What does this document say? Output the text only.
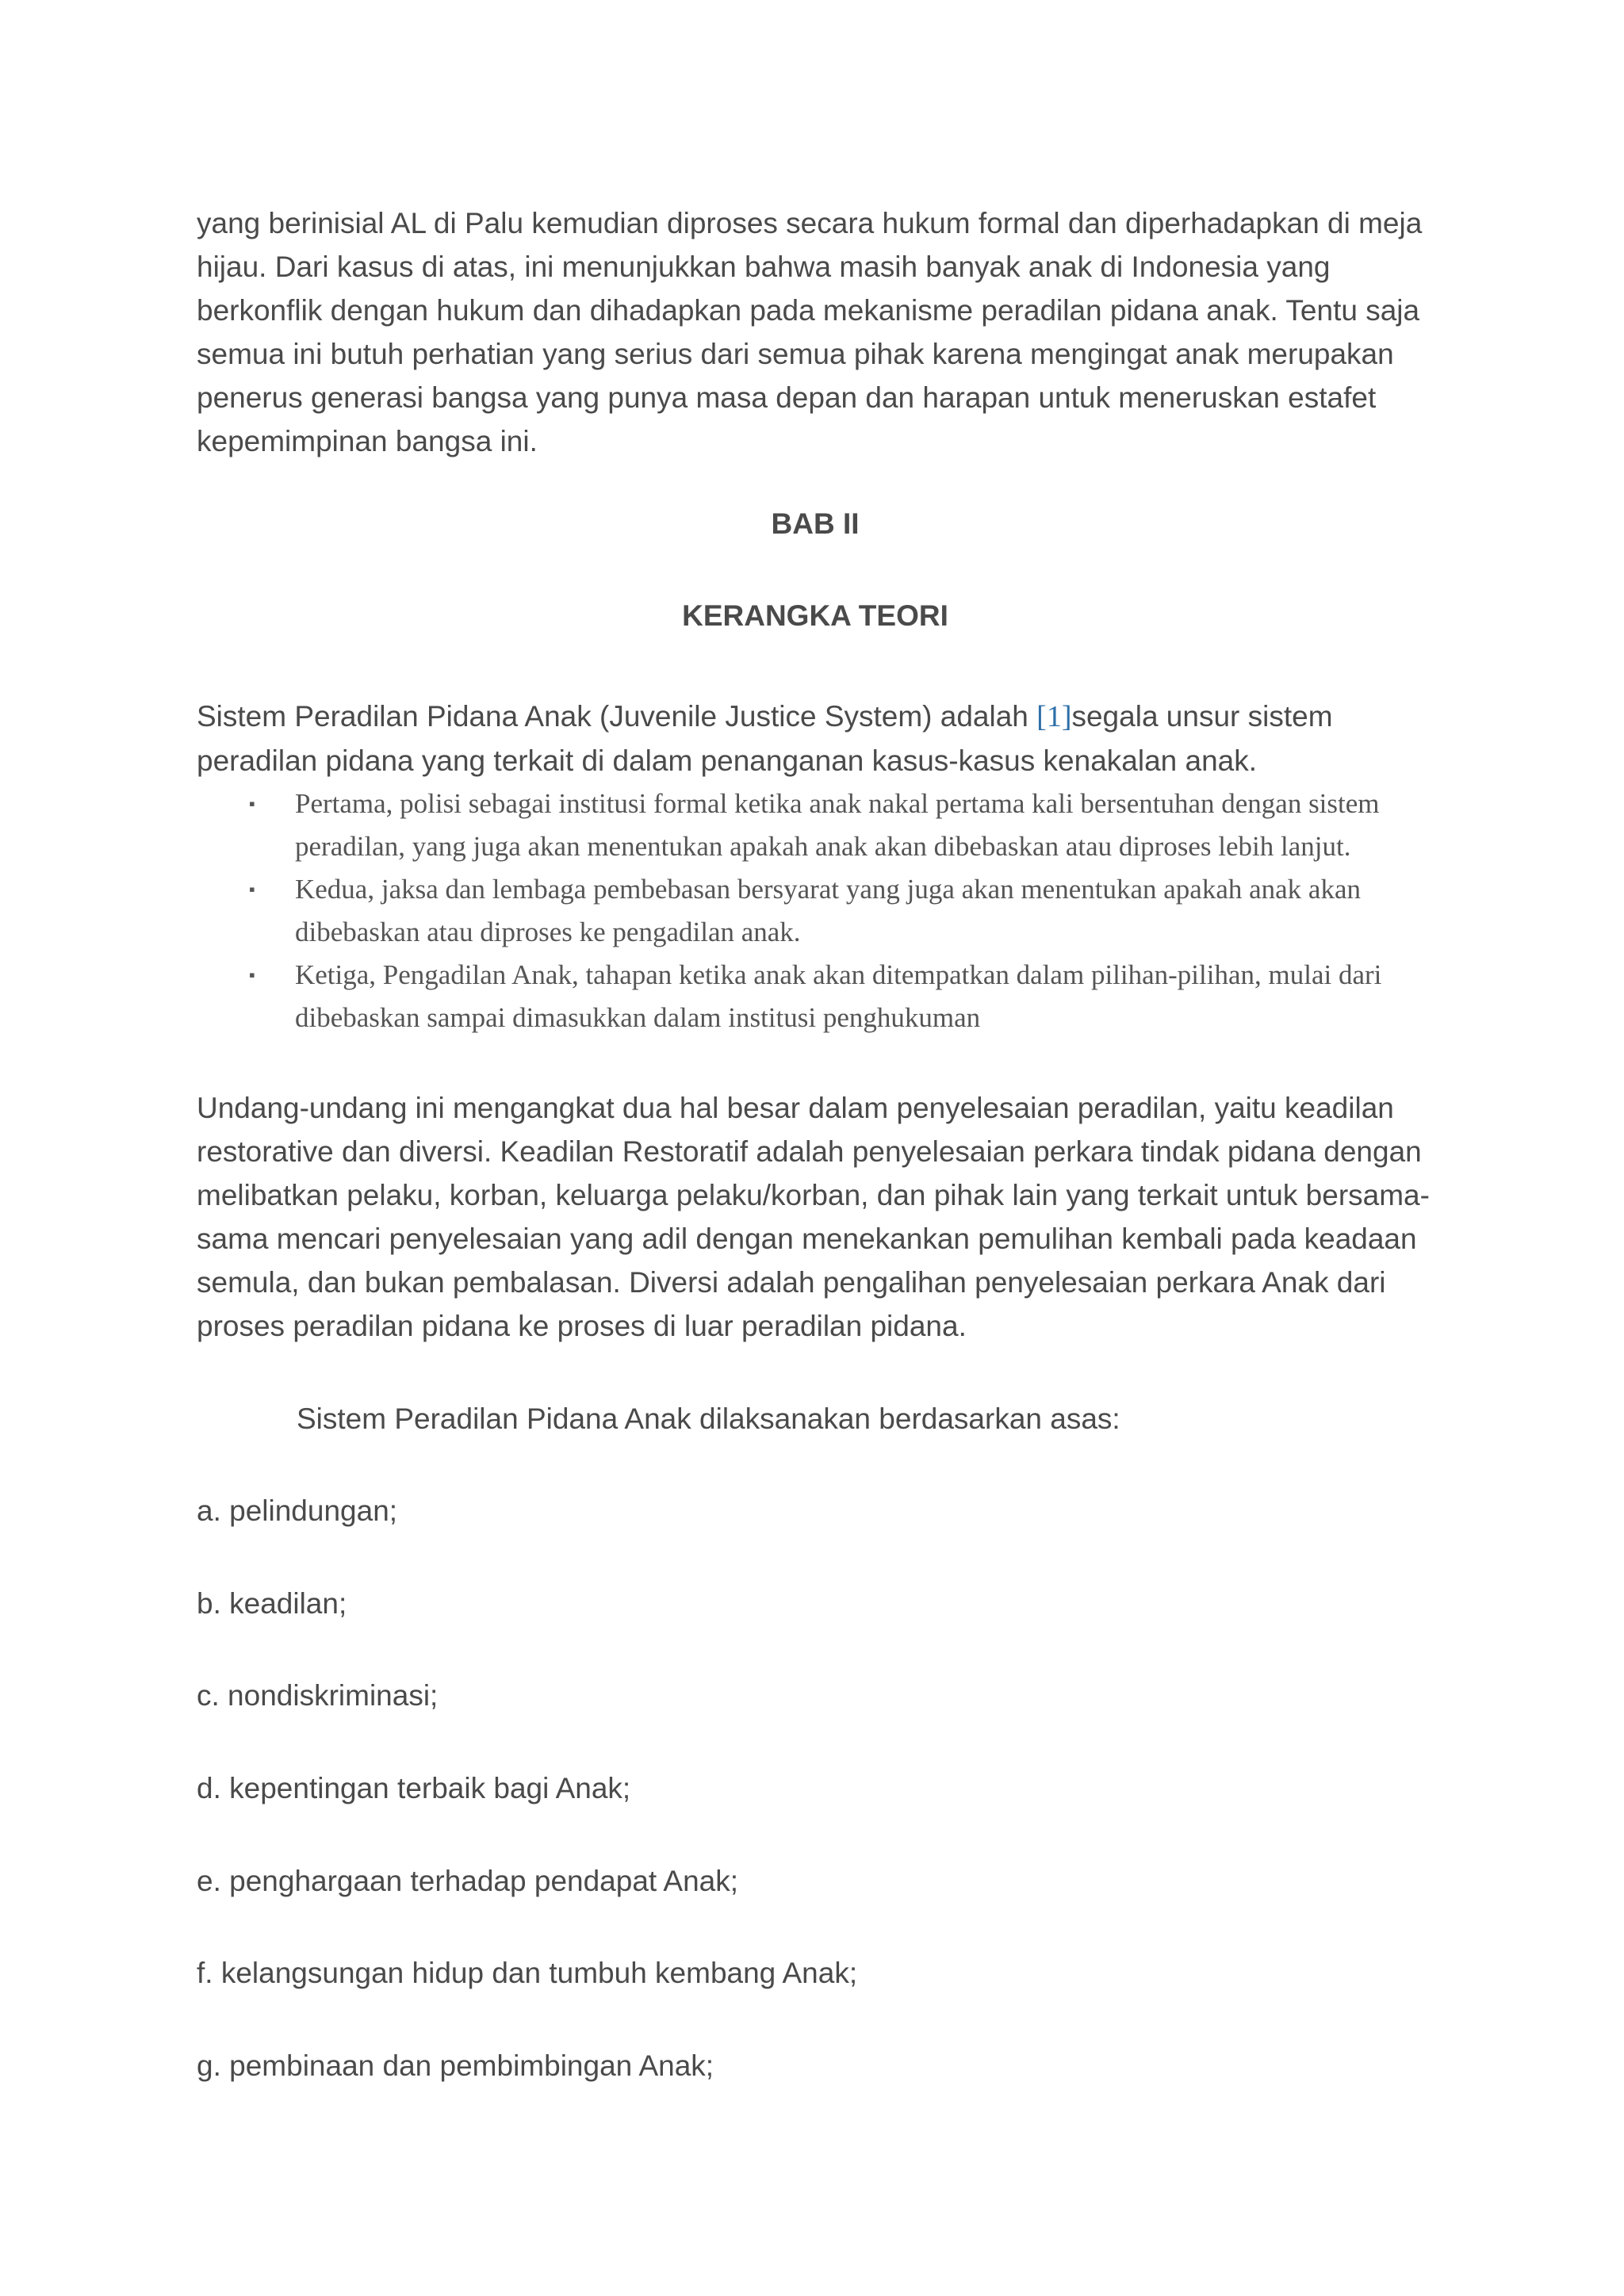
yang berinisial AL di Palu kemudian diproses secara hukum formal dan diperhadapkan di meja hijau. Dari kasus di atas, ini menunjukkan bahwa masih banyak anak di Indonesia yang berkonflik dengan hukum dan dihadapkan pada mekanisme peradilan pidana anak. Tentu saja semua ini butuh perhatian yang serius dari semua pihak karena mengingat anak merupakan penerus generasi bangsa yang punya masa depan dan harapan untuk meneruskan estafet kepemimpinan bangsa ini.

BAB II
KERANGKA TEORI

Sistem Peradilan Pidana Anak (Juvenile Justice System) adalah [1]segala unsur sistem peradilan pidana yang terkait di dalam penanganan kasus-kasus kenakalan anak.

▪ Pertama, polisi sebagai institusi formal ketika anak nakal pertama kali bersentuhan dengan sistem peradilan, yang juga akan menentukan apakah anak akan dibebaskan atau diproses lebih lanjut.
▪ Kedua, jaksa dan lembaga pembebasan bersyarat yang juga akan menentukan apakah anak akan dibebaskan atau diproses ke pengadilan anak.
▪ Ketiga, Pengadilan Anak, tahapan ketika anak akan ditempatkan dalam pilihan-pilihan, mulai dari dibebaskan sampai dimasukkan dalam institusi penghukuman

Undang-undang ini mengangkat dua hal besar dalam penyelesaian peradilan, yaitu keadilan restorative dan diversi. Keadilan Restoratif adalah penyelesaian perkara tindak pidana dengan melibatkan pelaku, korban, keluarga pelaku/korban, dan pihak lain yang terkait untuk bersama-sama mencari penyelesaian yang adil dengan menekankan pemulihan kembali pada keadaan semula, dan bukan pembalasan. Diversi adalah pengalihan penyelesaian perkara Anak dari proses peradilan pidana ke proses di luar peradilan pidana.

Sistem Peradilan Pidana Anak dilaksanakan berdasarkan asas:

a. pelindungan;

b. keadilan;

c. nondiskriminasi;

d. kepentingan terbaik bagi Anak;

e. penghargaan terhadap pendapat Anak;

f. kelangsungan hidup dan tumbuh kembang Anak;

g. pembinaan dan pembimbingan Anak;
